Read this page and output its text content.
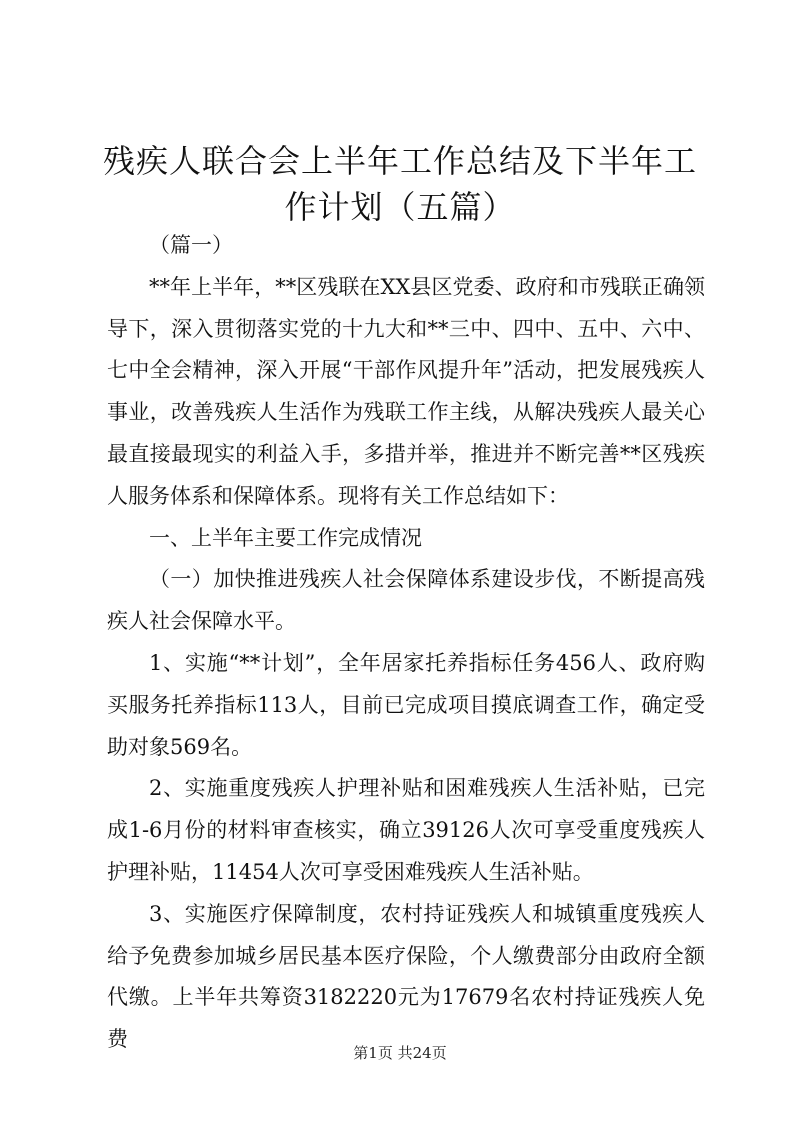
残疾人联合会上半年工作总结及下半年工作计划（五篇）

（篇一）

**年上半年，**区残联在XX县区党委、政府和市残联正确领导下，深入贯彻落实党的十九大和**三中、四中、五中、六中、七中全会精神，深入开展“干部作风提升年”活动，把发展残疾人事业，改善残疾人生活作为残联工作主线，从解决残疾人最关心最直接最现实的利益入手，多措并举，推进并不断完善**区残疾人服务体系和保障体系。现将有关工作总结如下：

一、上半年主要工作完成情况

（一）加快推进残疾人社会保障体系建设步伐，不断提高残疾人社会保障水平。

1、实施“**计划”，全年居家托养指标任务456人、政府购买服务托养指标113人，目前已完成项目摸底调查工作，确定受助对象569名。

2、实施重度残疾人护理补贴和困难残疾人生活补贴，已完成1-6月份的材料审查核实，确立39126人次可享受重度残疾人护理补贴，11454人次可享受困难残疾人生活补贴。

3、实施医疗保障制度，农村持证残疾人和城镇重度残疾人给予免费参加城乡居民基本医疗保险，个人缴费部分由政府全额代缴。上半年共筹资3182220元为17679名农村持证残疾人免费

第1页 共24页
